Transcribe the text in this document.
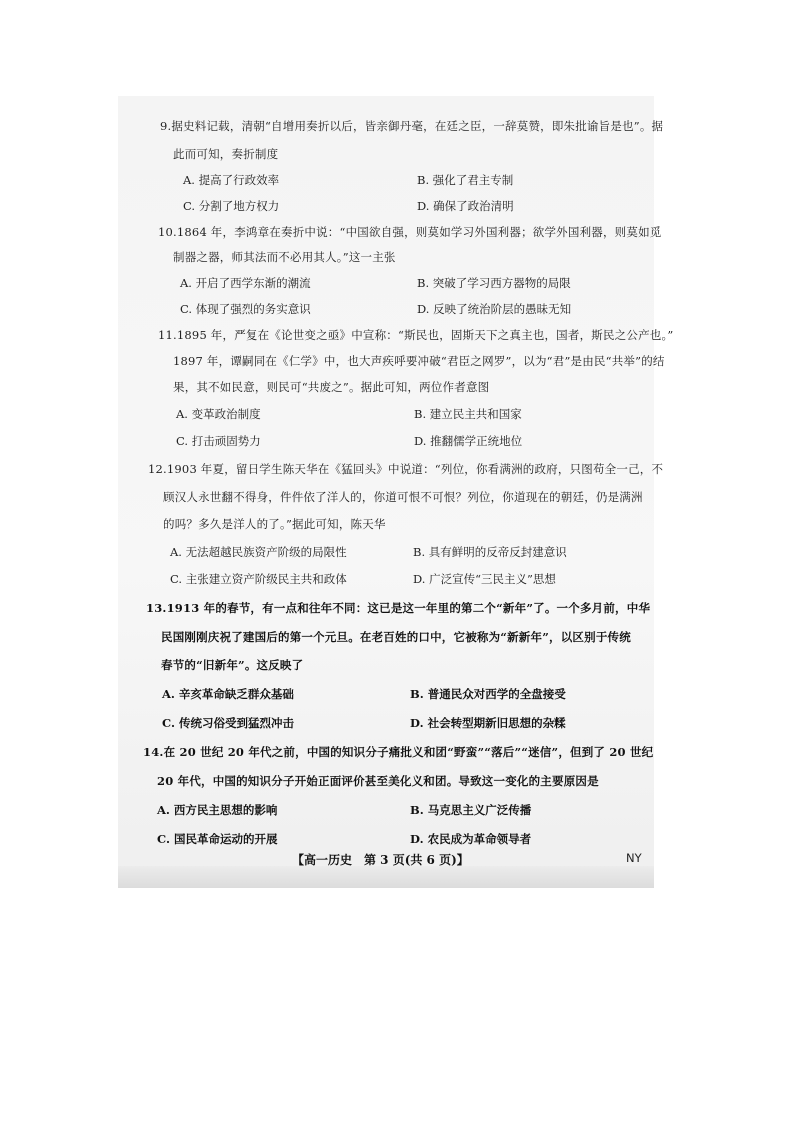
9.据史料记载，清朝“自增用奏折以后，皆亲御丹毫，在廷之臣，一辞莫赞，即朱批谕旨是也”。据
此而可知，奏折制度
A. 提高了行政效率	B. 强化了君主专制
C. 分割了地方权力	D. 确保了政治清明
10.1864 年，李鸿章在奏折中说：“中国欲自强，则莫如学习外国利器；欲学外国利器，则莫如觅
制器之器，师其法而不必用其人。”这一主张
A. 开启了西学东渐的潮流	B. 突破了学习西方器物的局限
C. 体现了强烈的务实意识	D. 反映了统治阶层的愚昧无知
11.1895 年，严复在《论世变之亟》中宣称：“斯民也，固斯天下之真主也，国者，斯民之公产也。”
1897 年，谭嗣同在《仁学》中，也大声疾呼要冲破“君臣之网罗”，以为“君”是由民“共举”的结
果，其不如民意，则民可“共废之”。据此可知，两位作者意图
A. 变革政治制度	B. 建立民主共和国家
C. 打击顽固势力	D. 推翻儒学正统地位
12.1903 年夏，留日学生陈天华在《猛回头》中说道：“列位，你看满洲的政府，只图苟全一己，不
顾汉人永世翻不得身，件件依了洋人的，你道可恨不可恨？列位，你道现在的朝廷，仍是满洲
的吗？多久是洋人的了。”据此可知，陈天华
A. 无法超越民族资产阶级的局限性	B. 具有鲜明的反帝反封建意识
C. 主张建立资产阶级民主共和政体	D. 广泛宣传“三民主义”思想
13.1913 年的春节，有一点和往年不同：这已是这一年里的第二个“新年”了。一个多月前，中华
民国刚刚庆祝了建国后的第一个元旦。在老百姓的口中，它被称为“新新年”，以区别于传统
春节的“旧新年”。这反映了
A. 辛亥革命缺乏群众基础	B. 普通民众对西学的全盘接受
C. 传统习俗受到猛烈冲击	D. 社会转型期新旧思想的杂糅
14.在 20 世纪 20 年代之前，中国的知识分子痛批义和团“野蛮”“落后”“迷信”，但到了 20 世纪
20 年代，中国的知识分子开始正面评价甚至美化义和团。导致这一变化的主要原因是
A. 西方民主思想的影响	B. 马克思主义广泛传播
C. 国民革命运动的开展	D. 农民成为革命领导者
【高一历史　第 3 页(共 6 页)】	NY
